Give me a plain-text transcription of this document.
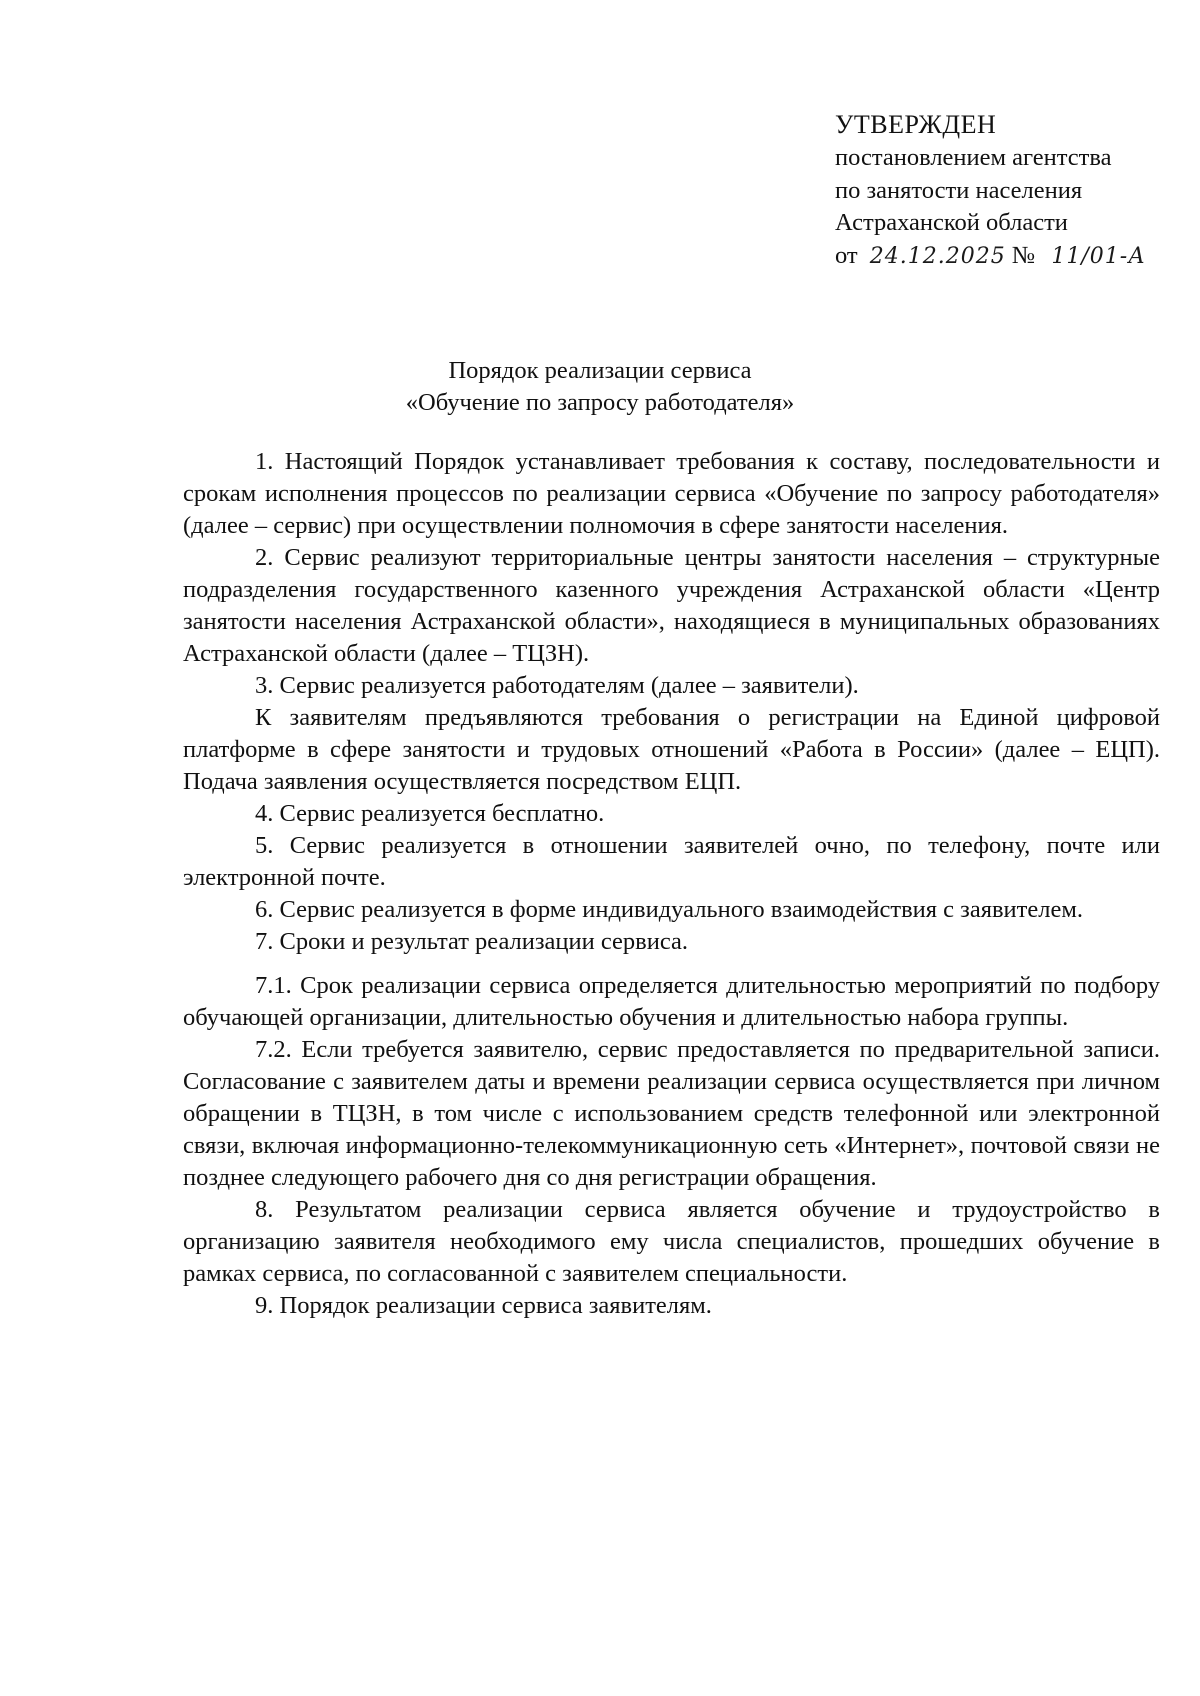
УТВЕРЖДЕН
постановлением агентства
по занятости населения
Астраханской области
от 24.12.2025 № 11/01-А
Порядок реализации сервиса
«Обучение по запросу работодателя»

1. Настоящий Порядок устанавливает требования к составу, последовательности и срокам исполнения процессов по реализации сервиса «Обучение по запросу работодателя» (далее – сервис) при осуществлении полномочия в сфере занятости населения.

2. Сервис реализуют территориальные центры занятости населения – структурные подразделения государственного казенного учреждения Астраханской области «Центр занятости населения Астраханской области», находящиеся в муниципальных образованиях Астраханской области (далее – ТЦЗН).

3. Сервис реализуется работодателям (далее – заявители).

К заявителям предъявляются требования о регистрации на Единой цифровой платформе в сфере занятости и трудовых отношений «Работа в России» (далее – ЕЦП). Подача заявления осуществляется посредством ЕЦП.

4. Сервис реализуется бесплатно.

5. Сервис реализуется в отношении заявителей очно, по телефону, почте или электронной почте.

6. Сервис реализуется в форме индивидуального взаимодействия с заявителем.

7. Сроки и результат реализации сервиса.

7.1. Срок реализации сервиса определяется длительностью мероприятий по подбору обучающей организации, длительностью обучения и длительностью набора группы.

7.2. Если требуется заявителю, сервис предоставляется по предварительной записи. Согласование с заявителем даты и времени реализации сервиса осуществляется при личном обращении в ТЦЗН, в том числе с использованием средств телефонной или электронной связи, включая информационно-телекоммуникационную сеть «Интернет», почтовой связи не позднее следующего рабочего дня со дня регистрации обращения.

8. Результатом реализации сервиса является обучение и трудоустройство в организацию заявителя необходимого ему числа специалистов, прошедших обучение в рамках сервиса, по согласованной с заявителем специальности.

9. Порядок реализации сервиса заявителям.
